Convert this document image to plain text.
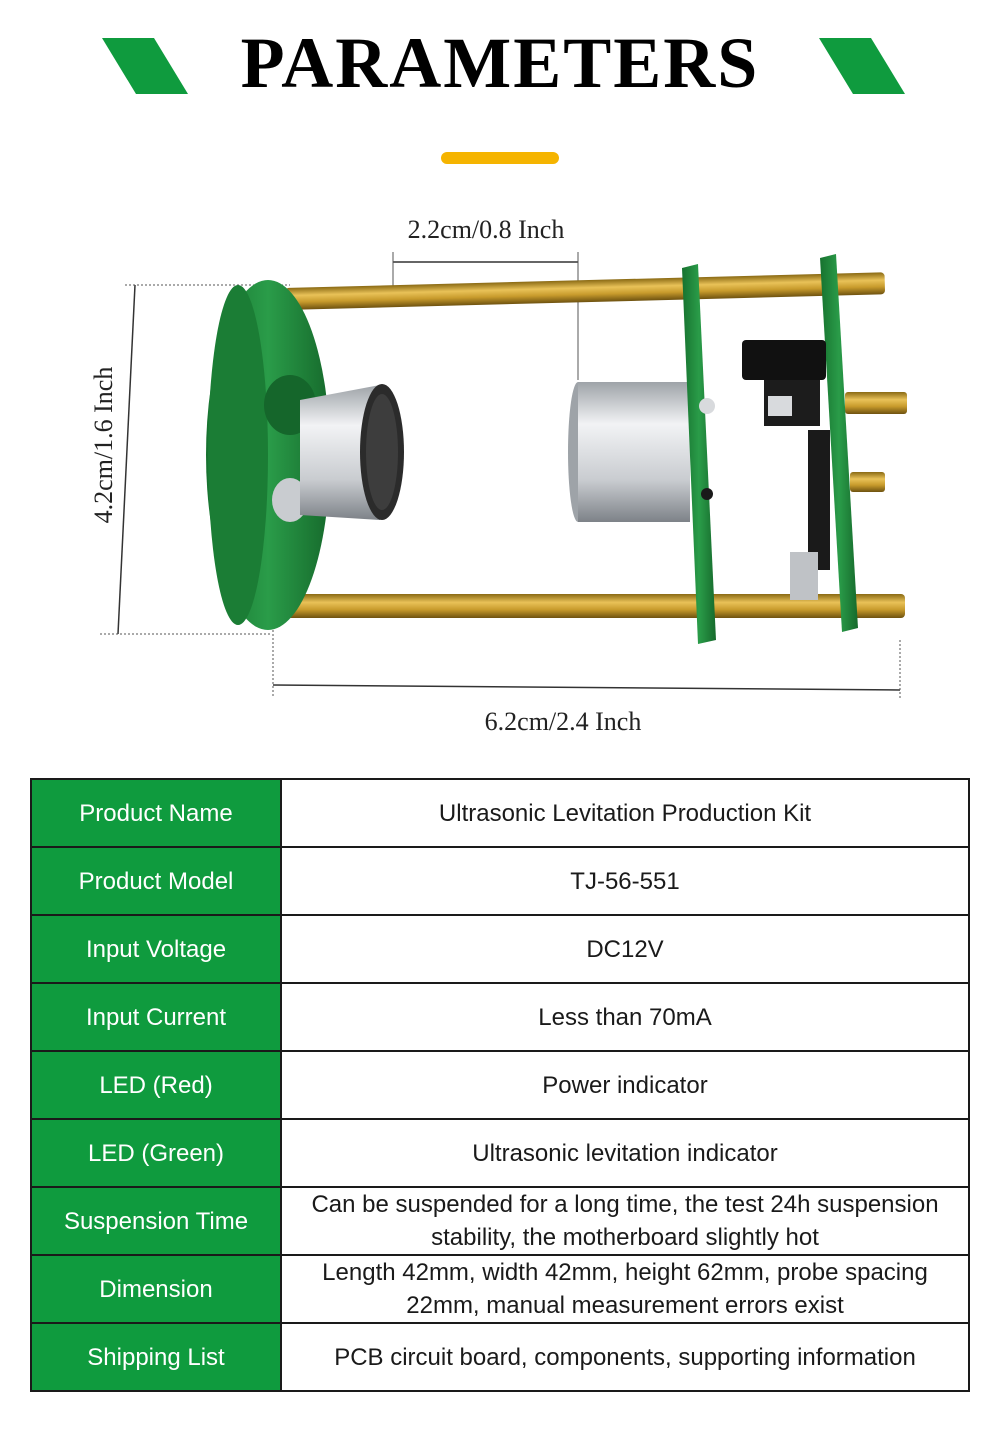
PARAMETERS
2.2cm/0.8 Inch
4.2cm/1.6 Inch
6.2cm/2.4 Inch
Product Name	Ultrasonic Levitation Production Kit
Product Model	TJ-56-551
Input Voltage	DC12V
Input Current	Less than 70mA
LED (Red)	Power indicator
LED (Green)	Ultrasonic levitation indicator
Suspension Time	Can be suspended for a long time, the test 24h suspension stability, the motherboard slightly hot
Dimension	Length 42mm, width 42mm, height 62mm, probe spacing 22mm, manual measurement errors exist
Shipping List	PCB circuit board, components, supporting information
